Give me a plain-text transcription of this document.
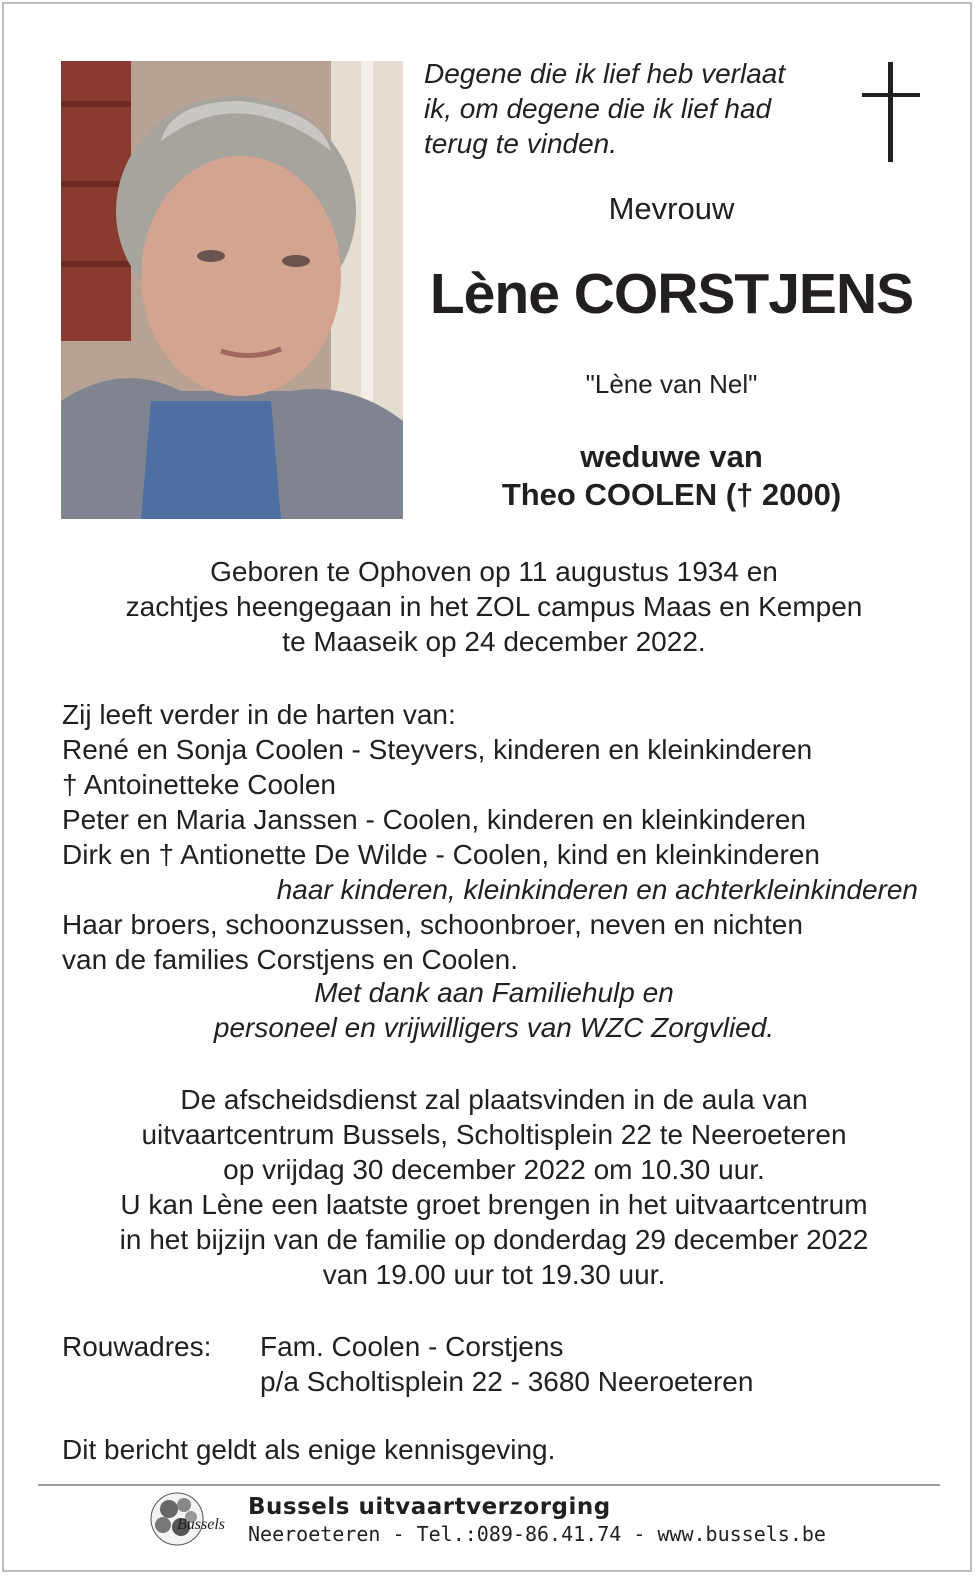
Degene die ik lief heb verlaat
ik, om degene die ik lief had
terug te vinden.
Mevrouw
Lène CORSTJENS
"Lène van Nel"
weduwe van
Theo COOLEN († 2000)
Geboren te Ophoven op 11 augustus 1934 en
zachtjes heengegaan in het ZOL campus Maas en Kempen
te Maaseik op 24 december 2022.
Zij leeft verder in de harten van:
René en Sonja Coolen - Steyvers, kinderen en kleinkinderen
† Antoinetteke Coolen
Peter en Maria Janssen - Coolen, kinderen en kleinkinderen
Dirk en † Antionette De Wilde - Coolen, kind en kleinkinderen
haar kinderen, kleinkinderen en achterkleinkinderen
Haar broers, schoonzussen, schoonbroer, neven en nichten
van de families Corstjens en Coolen.
Met dank aan Familiehulp en
personeel en vrijwilligers van WZC Zorgvlied.
De afscheidsdienst zal plaatsvinden in de aula van
uitvaartcentrum Bussels, Scholtisplein 22 te Neeroeteren
op vrijdag 30 december 2022 om 10.30 uur.
U kan Lène een laatste groet brengen in het uitvaartcentrum
in het bijzijn van de familie op donderdag 29 december 2022
van 19.00 uur tot 19.30 uur.
Rouwadres: Fam. Coolen - Corstjens
p/a Scholtisplein 22 - 3680 Neeroeteren
Dit bericht geldt als enige kennisgeving.
Bussels
Bussels uitvaartverzorging
Neeroeteren - Tel.:089-86.41.74 - www.bussels.be
